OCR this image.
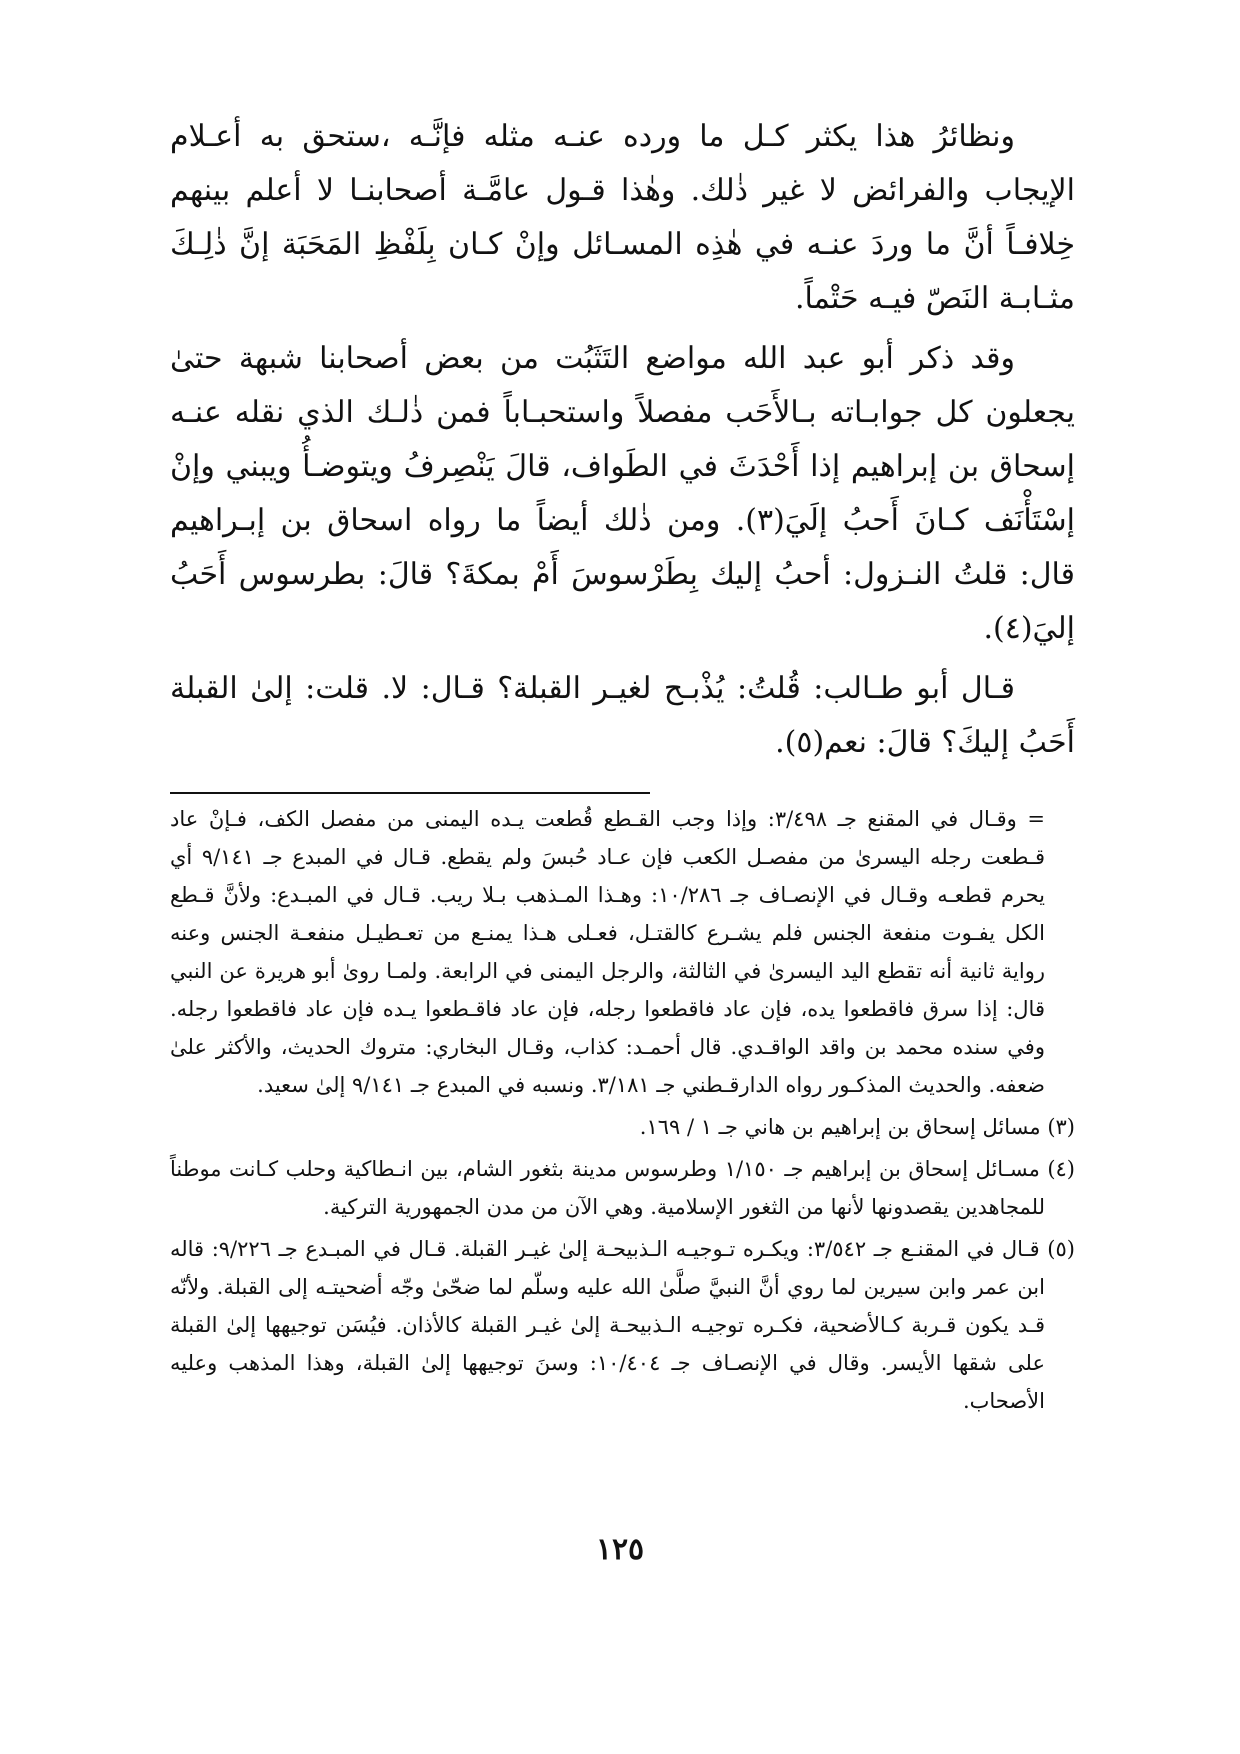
ونظائرُ هذا يكثر كـل ما ورده عنـه مثله فإنَّـه ،ستحق به أعـلام الإيجاب والفرائض لا غير ذٰلك. وهٰذا قـول عامَّـة أصحابنـا لا أعلم بينهم خِلافـاً أنَّ ما وردَ عنـه في هٰذِه المسـائل وإنْ كـان بِلَفْظِ المَحَبَة إنَّ ذٰلِـكَ مثـابـة النَصّ فيـه حَتْماً.

وقد ذكر أبو عبد الله مواضع التَثَبُت من بعض أصحابنا شبهة حتىٰ يجعلون كل جوابـاته بـالأَحَب مفصلاً واستحبـاباً فمن ذٰلـك الذي نقله عنـه إسحاق بن إبراهيم إذا أَحْدَثَ في الطَواف، قالَ يَنْصِرفُ ويتوضـأُ ويبني وإنْ إسْتَأْنَف كـانَ أَحبُ إلَيَ(٣). ومن ذٰلك أيضاً ما رواه اسحاق بن إبـراهيم قال: قلتُ النـزول: أحبُ إليك بِطَرْسوسَ أَمْ بمكةَ؟ قالَ: بطرسوس أَحَبُ إليَ(٤).

قـال أبو طـالب: قُلتُ: يُذْبـح لغيـر القبلة؟ قـال: لا. قلت: إلىٰ القبلة أَحَبُ إليكَ؟ قالَ: نعم(٥).

= وقـال في المقنع جـ ٣/٤٩٨: وإذا وجب القـطع قُطعت يـده اليمنى من مفصل الكف، فـإنْ عاد قـطعت رجله اليسرىٰ من مفصـل الكعب فإن عـاد حُبسَ ولم يقطع. قـال في المبدع جـ ٩/١٤١ أي يحرم قطعـه وقـال في الإنصـاف جـ ١٠/٢٨٦: وهـذا المـذهب بـلا ريب. قـال في المبـدع: ولأنَّ قـطع الكل يفـوت منفعة الجنس فلم يشـرع كالقتـل، فعـلى هـذا يمنـع من تعـطيـل منفعـة الجنس وعنه رواية ثانية أنه تقطع اليد اليسرىٰ في الثالثة، والرجل اليمنى في الرابعة. ولمـا روىٰ أبو هريرة عن النبي قال: إذا سرق فاقطعوا يده، فإن عاد فاقطعوا رجله، فإن عاد فاقـطعوا يـده فإن عاد فاقطعوا رجله. وفي سنده محمد بن واقد الواقـدي. قال أحمـد: كذاب، وقـال البخاري: متروك الحديث، والأكثر علىٰ ضعفه. والحديث المذكـور رواه الدارقـطني جـ ٣/١٨١. ونسبه في المبدع جـ ٩/١٤١ إلىٰ سعيد.

(٣) مسائل إسحاق بن إبراهيم بن هاني جـ ١ / ١٦٩.

(٤) مسـائل إسحاق بن إبراهيم جـ ١/١٥٠ وطرسوس مدينة بثغور الشام، بين انـطاكية وحلب كـانت موطناً للمجاهدين يقصدونها لأنها من الثغور الإسلامية. وهي الآن من مدن الجمهورية التركية.

(٥) قـال في المقنـع جـ ٣/٥٤٢: ويكـره تـوجيـه الـذبيحـة إلىٰ غيـر القبلة. قـال في المبـدع جـ ٩/٢٢٦: قاله ابن عمر وابن سيرين لما روي أنَّ النبيَّ صلَّىٰ الله عليه وسلّم لما ضحّىٰ وجّه أضحيتـه إلى القبلة. ولأنّه قـد يكون قـربة كـالأضحية، فكـره توجيـه الـذبيحـة إلىٰ غيـر القبلة كالأذان. فيُسَن توجيهها إلىٰ القبلة على شقها الأيسر. وقال في الإنصـاف جـ ١٠/٤٠٤: وسنَ توجيهها إلىٰ القبلة، وهذا المذهب وعليه الأصحاب.

١٢٥
